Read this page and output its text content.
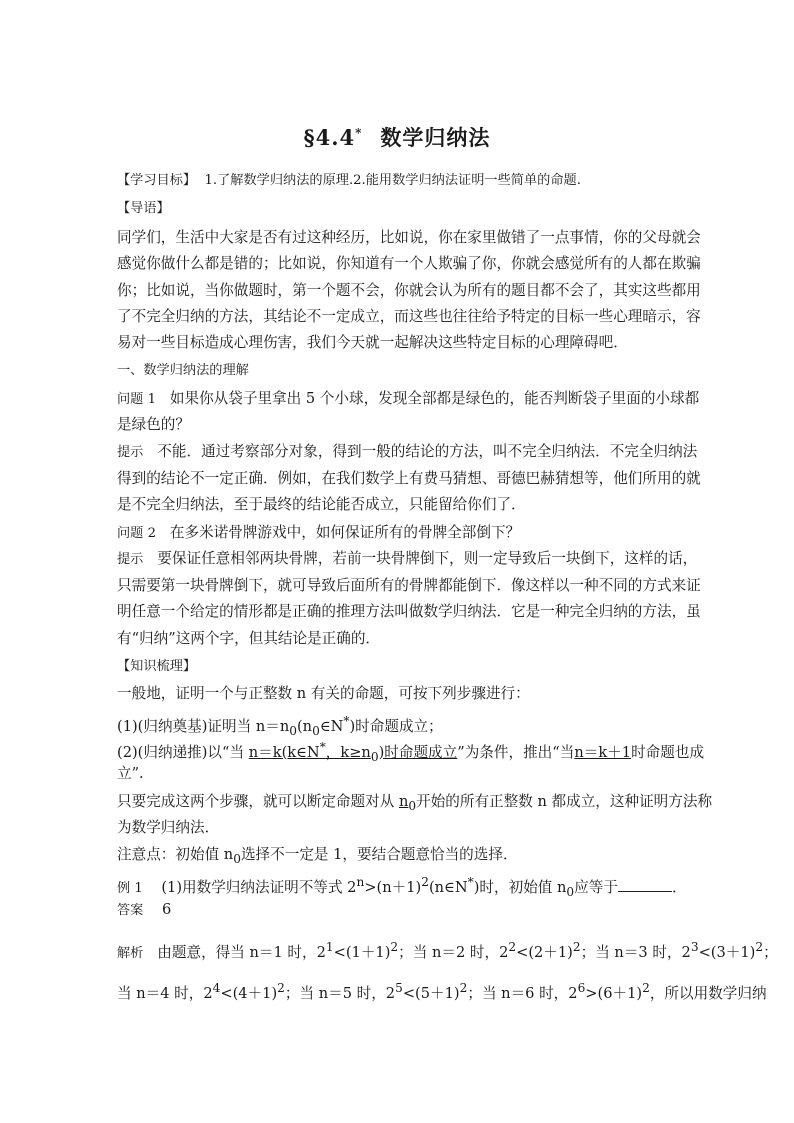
§4.4* 数学归纳法
【学习目标】 1.了解数学归纳法的原理.2.能用数学归纳法证明一些简单的命题.
【导语】
同学们，生活中大家是否有过这种经历，比如说，你在家里做错了一点事情，你的父母就会
感觉你做什么都是错的；比如说，你知道有一个人欺骗了你，你就会感觉所有的人都在欺骗
你；比如说，当你做题时，第一个题不会，你就会认为所有的题目都不会了，其实这些都用
了不完全归纳的方法，其结论不一定成立，而这些也往往给予特定的目标一些心理暗示，容
易对一些目标造成心理伤害，我们今天就一起解决这些特定目标的心理障碍吧．
一、数学归纳法的理解
问题 1 如果你从袋子里拿出 5 个小球，发现全部都是绿色的，能否判断袋子里面的小球都
是绿色的？
提示 不能．通过考察部分对象，得到一般的结论的方法，叫不完全归纳法．不完全归纳法
得到的结论不一定正确．例如，在我们数学上有费马猜想、哥德巴赫猜想等，他们所用的就
是不完全归纳法，至于最终的结论能否成立，只能留给你们了．
问题 2 在多米诺骨牌游戏中，如何保证所有的骨牌全部倒下？
提示 要保证任意相邻两块骨牌，若前一块骨牌倒下，则一定导致后一块倒下，这样的话，
只需要第一块骨牌倒下，就可导致后面所有的骨牌都能倒下．像这样以一种不同的方式来证
明任意一个给定的情形都是正确的推理方法叫做数学归纳法．它是一种完全归纳的方法，虽
有“归纳”这两个字，但其结论是正确的．
【知识梳理】
一般地，证明一个与正整数 n 有关的命题，可按下列步骤进行：
(1)(归纳奠基)证明当 $n=n_0(n_0\in N^*)$时命题成立；
(2)(归纳递推)以“当 n＝k(k∈N*，$k\ge n_0$)时命题成立”为条件，推出“当n＝k＋1时命题也成
立”.
只要完成这两个步骤，就可以断定命题对从 $n_0$开始的所有正整数 n 都成立，这种证明方法称
为数学归纳法．
注意点：初始值 $n_0$选择不一定是 1，要结合题意恰当的选择．
例 1 (1)用数学归纳法证明不等式 $2^n>(n+1)^2(n\in N^*)$时，初始值 $n_0$应等于	．
答案 6
解析 由题意，得当 n＝1 时，$2^1<(1+1)^2$；当 n＝2 时，$2^2<(2+1)^2$；当 n＝3 时，$2^3<(3+1)^2$；
当 n＝4 时，$2^4<(4+1)^2$；当 n＝5 时，$2^5<(5+1)^2$；当 n＝6 时，$2^6>(6+1)^2$，所以用数学归纳
